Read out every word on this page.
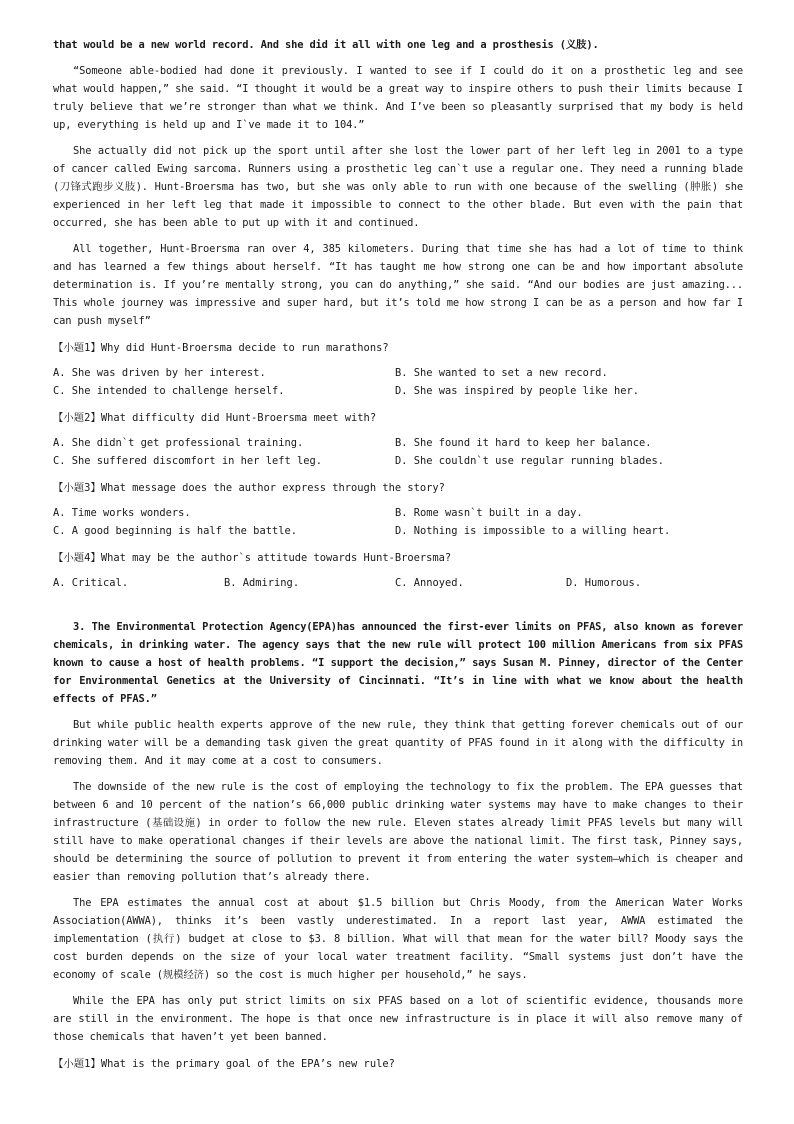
that would be a new world record. And she did it all with one leg and a prosthesis (义肢).

“Someone able-bodied had done it previously. I wanted to see if I could do it on a prosthetic leg and see what would happen,” she said. “I thought it would be a great way to inspire others to push their limits because I truly believe that we’re stronger than what we think. And I’ve been so pleasantly surprised that my body is held up, everything is held up and I`ve made it to 104.”

She actually did not pick up the sport until after she lost the lower part of her left leg in 2001 to a type of cancer called Ewing sarcoma. Runners using a prosthetic leg can`t use a regular one. They need a running blade (刀锋式跑步义肢). Hunt-Broersma has two, but she was only able to run with one because of the swelling (肿胀) she experienced in her left leg that made it impossible to connect to the other blade. But even with the pain that occurred, she has been able to put up with it and continued.

All together, Hunt-Broersma ran over 4, 385 kilometers. During that time she has had a lot of time to think and has learned a few things about herself. “It has taught me how strong one can be and how important absolute determination is. If you’re mentally strong, you can do anything,” she said. “And our bodies are just amazing... This whole journey was impressive and super hard, but it’s told me how strong I can be as a person and how far I can push myself”

【小题1】Why did Hunt-Broersma decide to run marathons?
A. She was driven by her interest.	B. She wanted to set a new record.
C. She intended to challenge herself.	D. She was inspired by people like her.
【小题2】What difficulty did Hunt-Broersma meet with?
A. She didn`t get professional training.	B. She found it hard to keep her balance.
C. She suffered discomfort in her left leg.	D. She couldn`t use regular running blades.
【小题3】What message does the author express through the story?
A. Time works wonders.	B. Rome wasn`t built in a day.
C. A good beginning is half the battle.	D. Nothing is impossible to a willing heart.
【小题4】What may be the author`s attitude towards Hunt-Broersma?
A. Critical.	B. Admiring.	C. Annoyed.	D. Humorous.

3. The Environmental Protection Agency(EPA)has announced the first-ever limits on PFAS, also known as forever chemicals, in drinking water. The agency says that the new rule will protect 100 million Americans from six PFAS known to cause a host of health problems. “I support the decision,” says Susan M. Pinney, director of the Center for Environmental Genetics at the University of Cincinnati. “It’s in line with what we know about the health effects of PFAS.”

But while public health experts approve of the new rule, they think that getting forever chemicals out of our drinking water will be a demanding task given the great quantity of PFAS found in it along with the difficulty in removing them. And it may come at a cost to consumers.

The downside of the new rule is the cost of employing the technology to fix the problem. The EPA guesses that between 6 and 10 percent of the nation’s 66,000 public drinking water systems may have to make changes to their infrastructure (基础设施) in order to follow the new rule. Eleven states already limit PFAS levels but many will still have to make operational changes if their levels are above the national limit. The first task, Pinney says, should be determining the source of pollution to prevent it from entering the water system—which is cheaper and easier than removing pollution that’s already there.

The EPA estimates the annual cost at about $1.5 billion but Chris Moody, from the American Water Works Association(AWWA), thinks it’s been vastly underestimated. In a report last year, AWWA estimated the implementation (执行) budget at close to $3. 8 billion. What will that mean for the water bill? Moody says the cost burden depends on the size of your local water treatment facility. “Small systems just don’t have the economy of scale (规模经济) so the cost is much higher per household,” he says.

While the EPA has only put strict limits on six PFAS based on a lot of scientific evidence, thousands more are still in the environment. The hope is that once new infrastructure is in place it will also remove many of those chemicals that haven’t yet been banned.

【小题1】What is the primary goal of the EPA’s new rule?
